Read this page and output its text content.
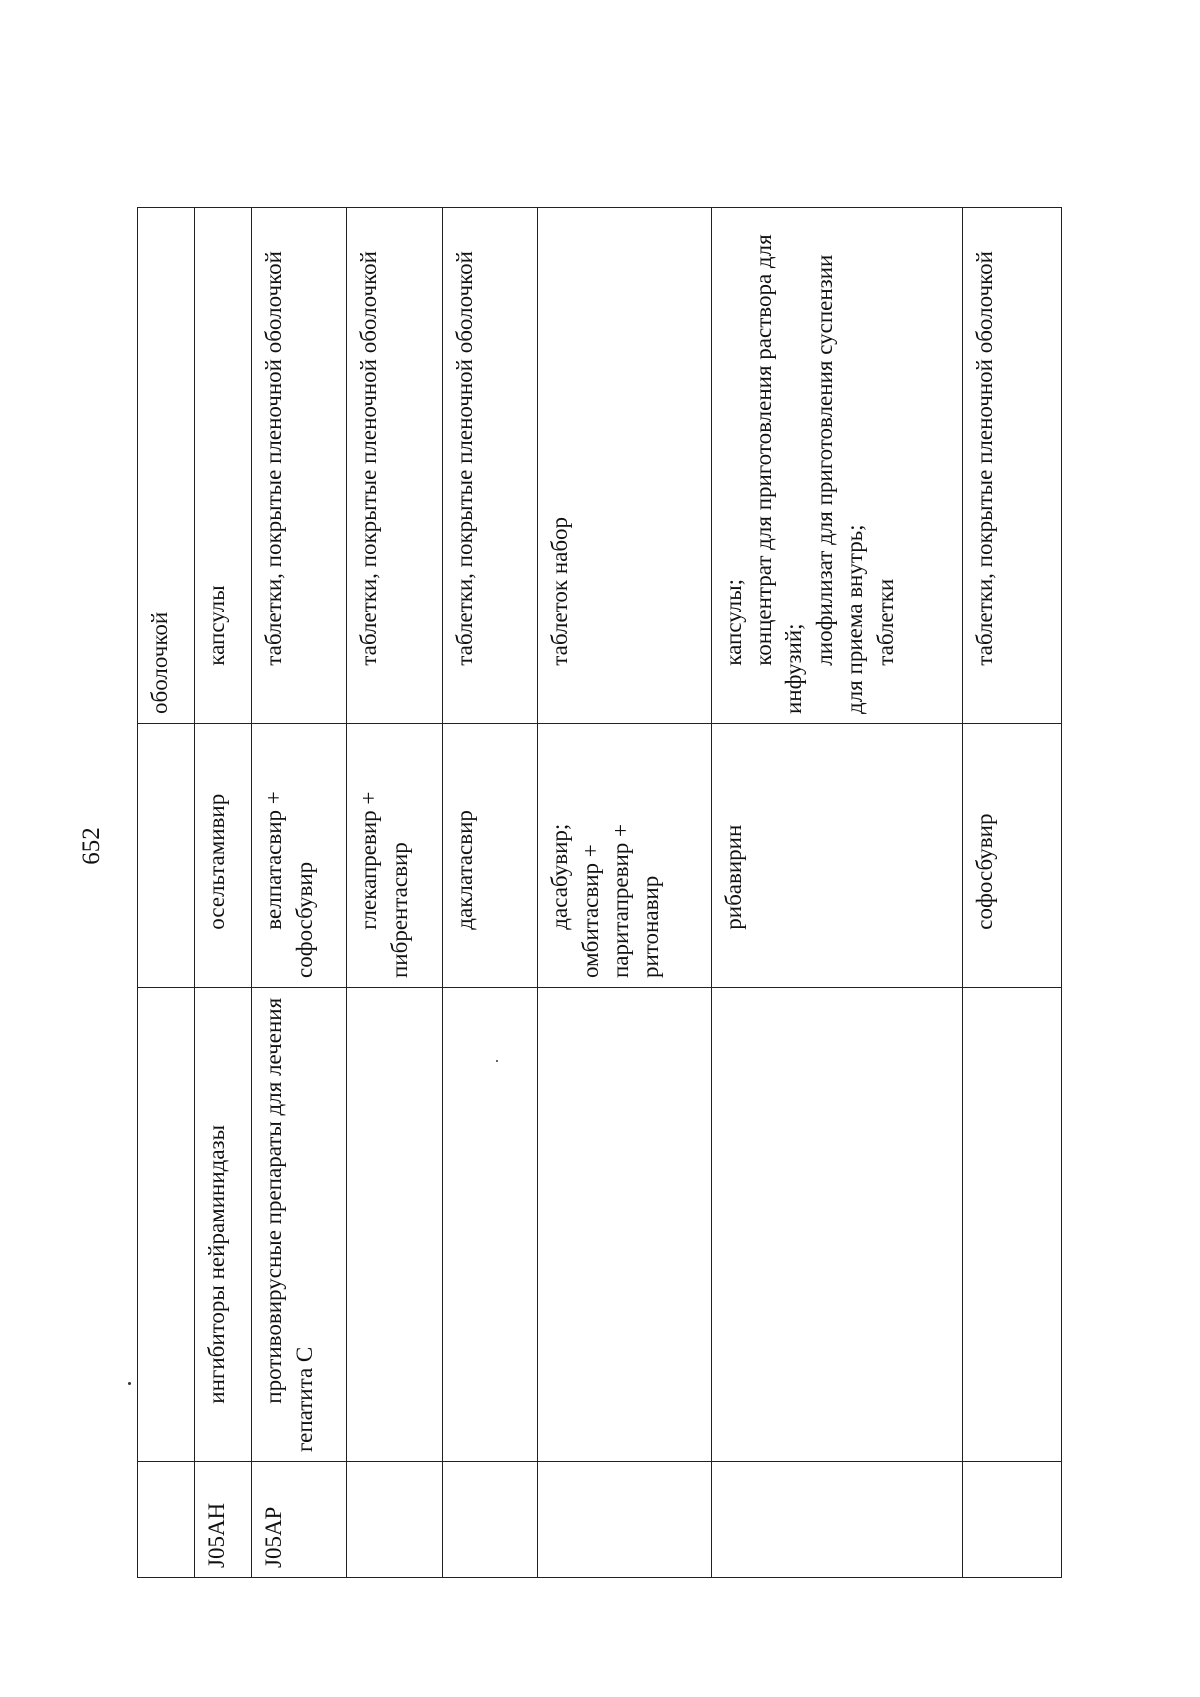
652

			оболочкой

J05AH	ингибиторы нейраминидазы	осельтамивир	капсулы

J05AP	противовирусные препараты для лечения гепатита C	велпатасвир + софосбувир	таблетки, покрытые пленочной оболочкой

		глекапревир + пибрентасвир	таблетки, покрытые пленочной оболочкой

		даклатасвир	таблетки, покрытые пленочной оболочкой

		дасабувир; омбитасвир + паритапревир + ритонавир	таблеток набор

		рибавирин	капсулы; концентрат для приготовления раствора для инфузий;
лиофилизат для приготовления суспензии для приема внутрь; таблетки

		софосбувир	таблетки, покрытые пленочной оболочкой
